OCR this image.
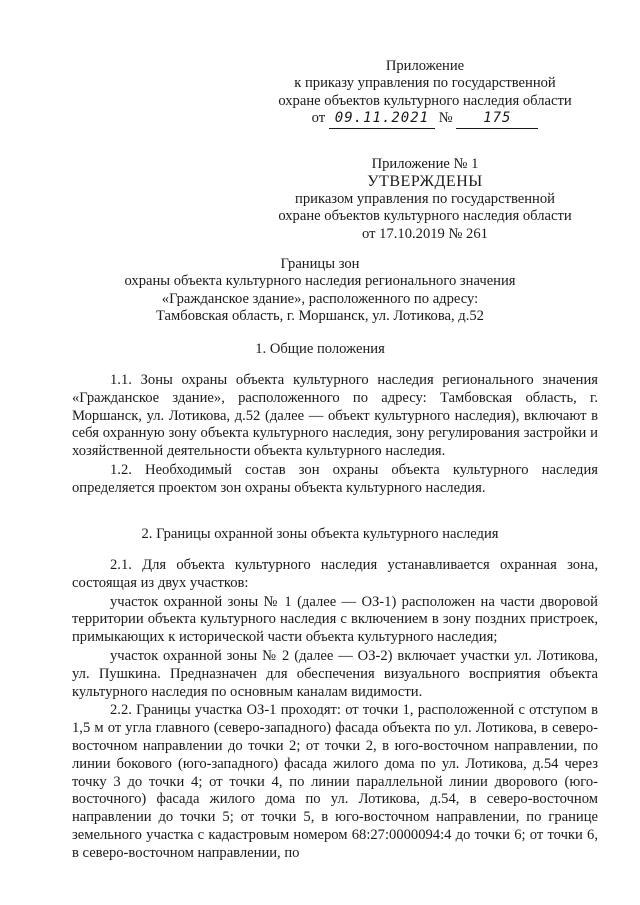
Приложение
к приказу управления по государственной
охране объектов культурного наследия области
от 09.11.2021 № 175
Приложение № 1
УТВЕРЖДЕНЫ
приказом управления по государственной
охране объектов культурного наследия области
от 17.10.2019 № 261
Границы зон
охраны объекта культурного наследия регионального значения
«Гражданское здание», расположенного по адресу:
Тамбовская область, г. Моршанск, ул. Лотикова, д.52
1. Общие положения

1.1. Зоны охраны объекта культурного наследия регионального значения «Гражданское здание», расположенного по адресу: Тамбовская область, г. Моршанск, ул. Лотикова, д.52 (далее — объект культурного наследия), включают в себя охранную зону объекта культурного наследия, зону регулирования застройки и хозяйственной деятельности объекта культурного наследия.

1.2. Необходимый состав зон охраны объекта культурного наследия определяется проектом зон охраны объекта культурного наследия.

2. Границы охранной зоны объекта культурного наследия

2.1. Для объекта культурного наследия устанавливается охранная зона, состоящая из двух участков:

участок охранной зоны № 1 (далее — ОЗ-1) расположен на части дворовой территории объекта культурного наследия с включением в зону поздних пристроек, примыкающих к исторической части объекта культурного наследия;

участок охранной зоны № 2 (далее — ОЗ-2) включает участки ул. Лотикова, ул. Пушкина. Предназначен для обеспечения визуального восприятия объекта культурного наследия по основным каналам видимости.

2.2. Границы участка ОЗ-1 проходят: от точки 1, расположенной с отступом в 1,5 м от угла главного (северо-западного) фасада объекта по ул. Лотикова, в северо-восточном направлении до точки 2; от точки 2, в юго-восточном направлении, по линии бокового (юго-западного) фасада жилого дома по ул. Лотикова, д.54 через точку 3 до точки 4; от точки 4, по линии параллельной линии дворового (юго-восточного) фасада жилого дома по ул. Лотикова, д.54, в северо-восточном направлении до точки 5; от точки 5, в юго-восточном направлении, по границе земельного участка с кадастровым номером 68:27:0000094:4 до точки 6; от точки 6, в северо-восточном направлении, по
